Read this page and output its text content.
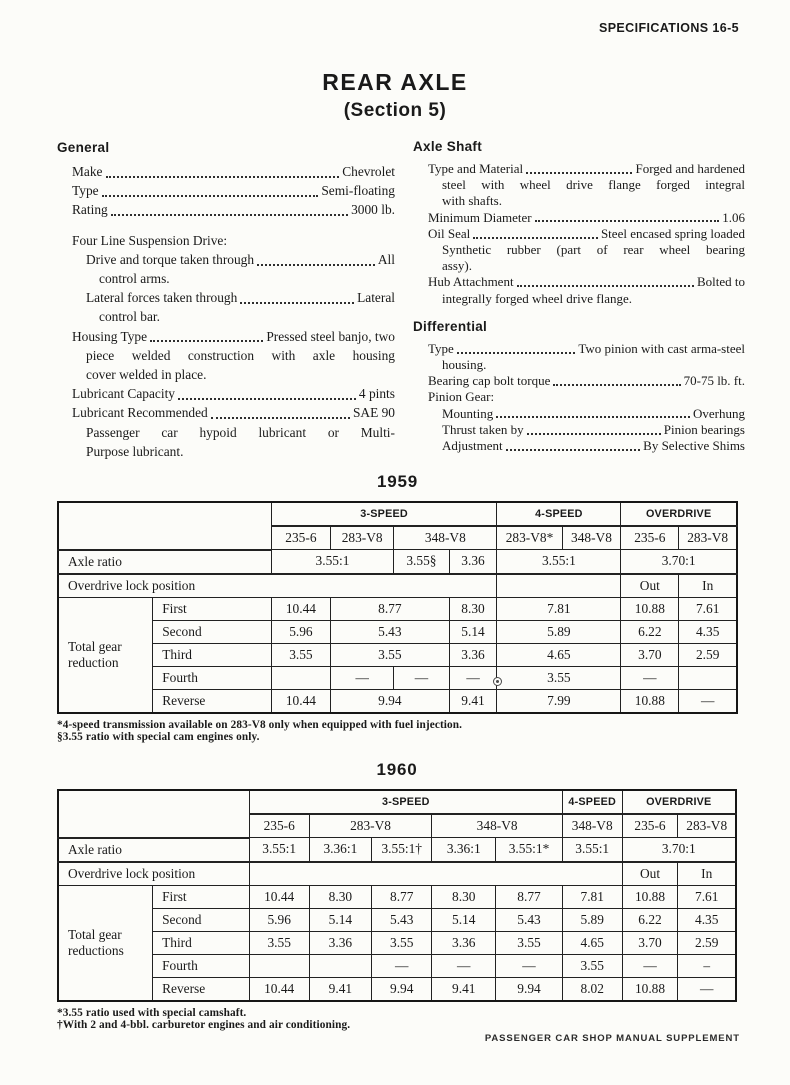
SPECIFICATIONS 16-5
REAR AXLE
(Section 5)
General
Make	Chevrolet
Type	Semi-floating
Rating	3000 lb.
Four Line Suspension Drive:
Drive and torque taken through	All
control arms.
Lateral forces taken through	Lateral
control bar.
Housing Type	Pressed steel banjo, two
piece welded construction with axle housing
cover welded in place.
Lubricant Capacity	4 pints
Lubricant Recommended	SAE 90
Passenger car hypoid lubricant or Multi-
Purpose lubricant.
Axle Shaft
Type and Material	Forged and hardened
steel with wheel drive flange forged integral
with shafts.
Minimum Diameter	1.06
Oil Seal	Steel encased spring loaded
Synthetic rubber (part of rear wheel bearing
assy).
Hub Attachment	Bolted to
integrally forged wheel drive flange.
Differential
Type	Two pinion with cast arma-steel
housing.
Bearing cap bolt torque	70-75 lb. ft.
Pinion Gear:
Mounting	Overhung
Thrust taken by	Pinion bearings
Adjustment	By Selective Shims
1959
		3-SPEED				4-SPEED		OVERDRIVE	
		235-6	283-V8	348-V8		283-V8*	348-V8	235-6	283-V8
Axle ratio		3.55:1		3.55§	3.36	3.55:1		3.70:1	
Overdrive lock position								Out	In
Total gear reduction	First	10.44	8.77		8.30	7.81		10.88	7.61
	Second	5.96	5.43		5.14	5.89		6.22	4.35
	Third	3.55	3.55		3.36	4.65		3.70	2.59
	Fourth		—	—	—	3.55		—	
	Reverse	10.44	9.94		9.41	7.99		10.88	—
*4-speed transmission available on 283-V8 only when equipped with fuel injection.
§3.55 ratio with special cam engines only.
1960
		3-SPEED					4-SPEED	OVERDRIVE	
		235-6	283-V8		348-V8		348-V8	235-6	283-V8
Axle ratio		3.55:1	3.36:1	3.55:1†	3.36:1	3.55:1*	3.55:1	3.70:1	
Overdrive lock position								Out	In
Total gear reductions	First	10.44	8.30	8.77	8.30	8.77	7.81	10.88	7.61
	Second	5.96	5.14	5.43	5.14	5.43	5.89	6.22	4.35
	Third	3.55	3.36	3.55	3.36	3.55	4.65	3.70	2.59
	Fourth			—	—	—	3.55	—	–
	Reverse	10.44	9.41	9.94	9.41	9.94	8.02	10.88	—
*3.55 ratio used with special camshaft.
†With 2 and 4-bbl. carburetor engines and air conditioning.
PASSENGER CAR SHOP MANUAL SUPPLEMENT
